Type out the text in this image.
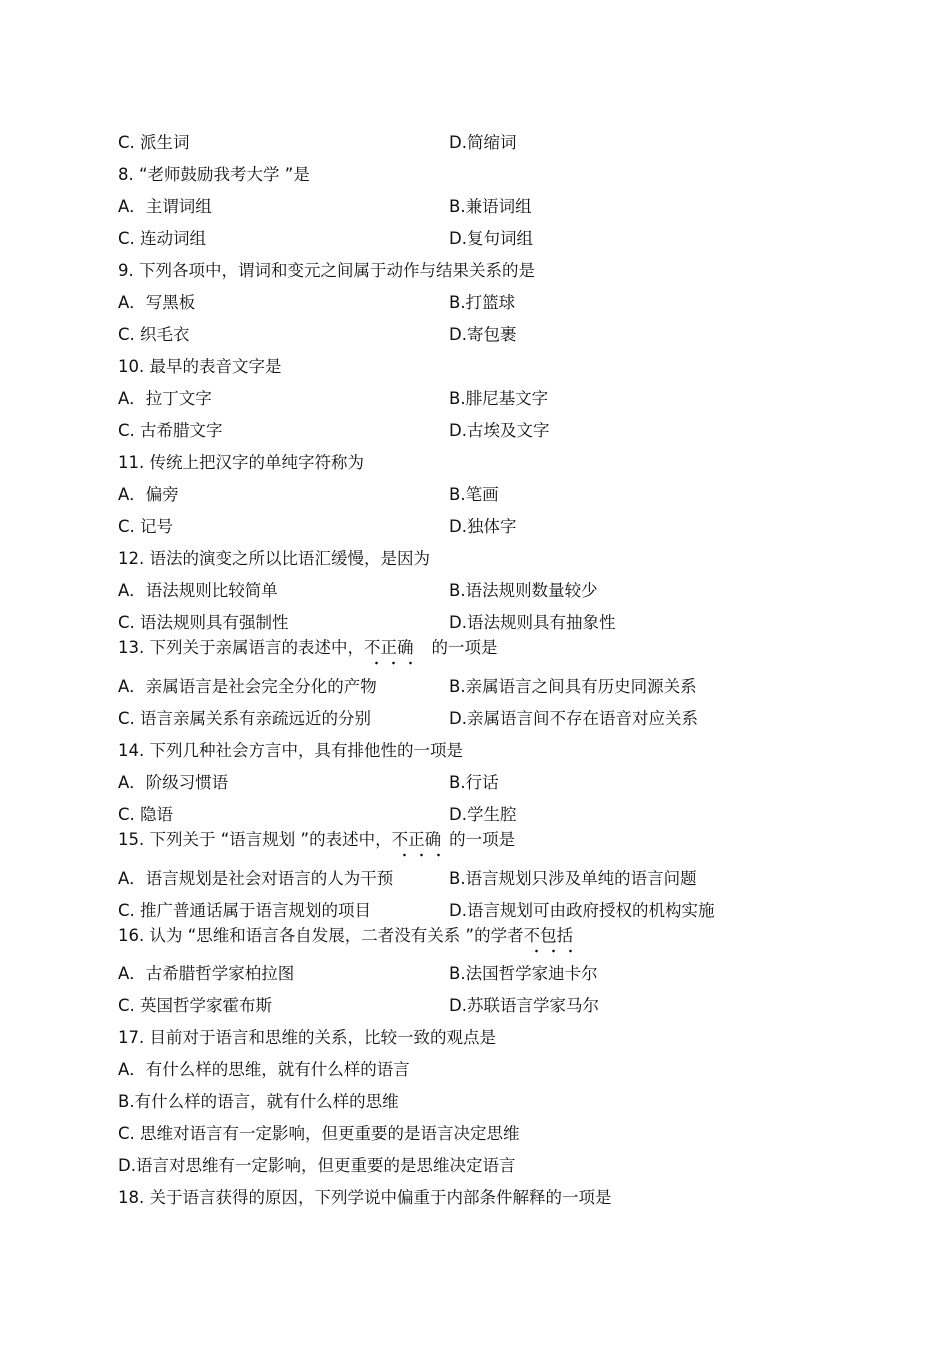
C. 派生词	D.简缩词
8. “老师鼓励我考大学 ”是
A．主谓词组	B.兼语词组
C. 连动词组	D.复句词组
9. 下列各项中，谓词和变元之间属于动作与结果关系的是
A．写黑板	B.打篮球
C. 织毛衣	D.寄包裹
10. 最早的表音文字是
A．拉丁文字	B.腓尼基文字
C. 古希腊文字	D.古埃及文字
11. 传统上把汉字的单纯字符称为
A．偏旁	B.笔画
C. 记号	D.独体字
12. 语法的演变之所以比语汇缓慢，是因为
A．语法规则比较简单	B.语法规则数量较少
C. 语法规则具有强制性	D.语法规则具有抽象性
13. 下列关于亲属语言的表述中，不正确 的一项是
A．亲属语言是社会完全分化的产物	B.亲属语言之间具有历史同源关系
C. 语言亲属关系有亲疏远近的分别	D.亲属语言间不存在语音对应关系
14. 下列几种社会方言中，具有排他性的一项是
A．阶级习惯语	B.行话
C. 隐语	D.学生腔
15. 下列关于 “语言规划 ”的表述中，不正确 的一项是
A．语言规划是社会对语言的人为干预	B.语言规划只涉及单纯的语言问题
C. 推广普通话属于语言规划的项目	D.语言规划可由政府授权的机构实施
16. 认为 “思维和语言各自发展，二者没有关系 ”的学者不包括
A．古希腊哲学家柏拉图	B.法国哲学家迪卡尔
C. 英国哲学家霍布斯	D.苏联语言学家马尔
17. 目前对于语言和思维的关系，比较一致的观点是
A．有什么样的思维，就有什么样的语言
B.有什么样的语言，就有什么样的思维
C. 思维对语言有一定影响，但更重要的是语言决定思维
D.语言对思维有一定影响，但更重要的是思维决定语言
18. 关于语言获得的原因，下列学说中偏重于内部条件解释的一项是
